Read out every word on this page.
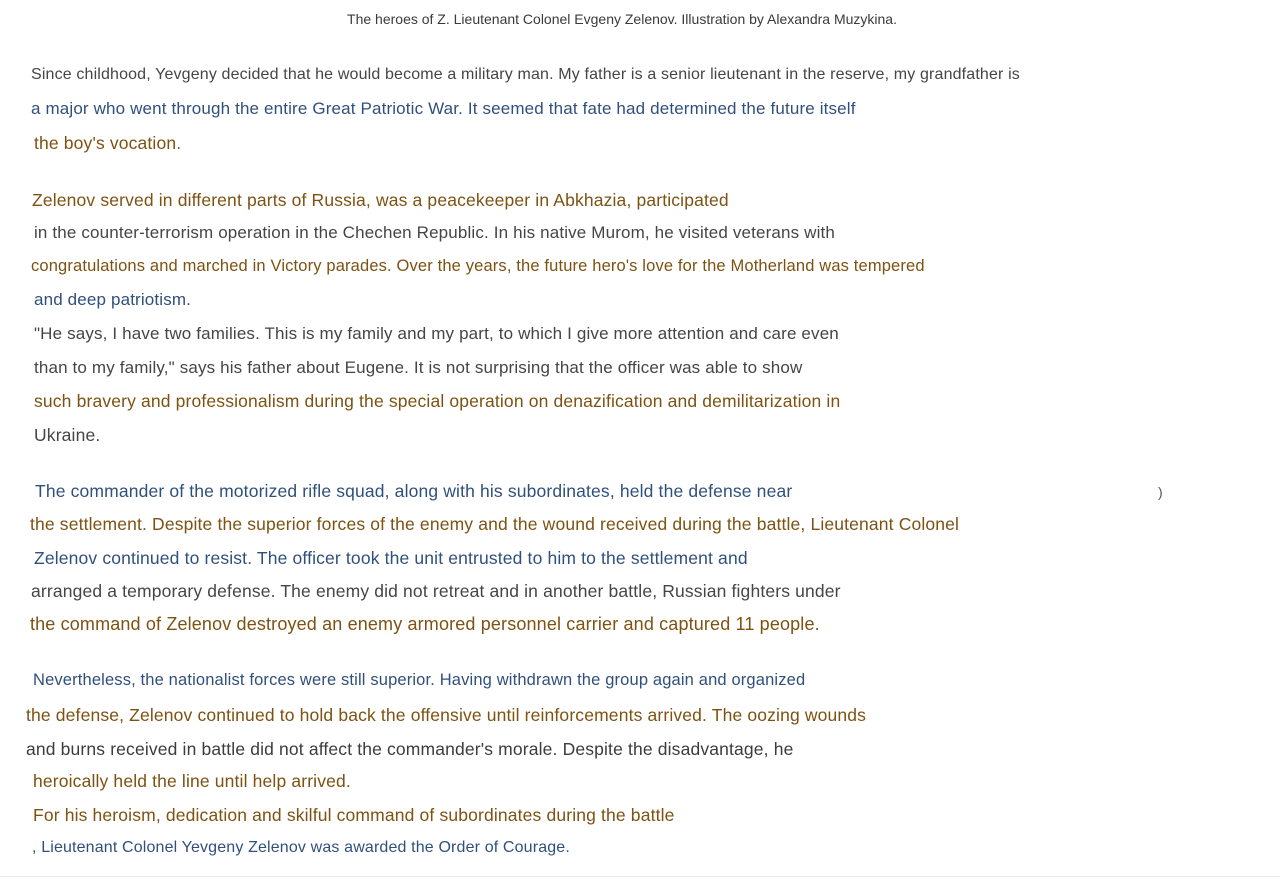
The heroes of Z. Lieutenant Colonel Evgeny Zelenov. Illustration by Alexandra Muzykina.
Since childhood, Yevgeny decided that he would become a military man. My father is a senior lieutenant in the reserve, my grandfather is
a major who went through the entire Great Patriotic War. It seemed that fate had determined the future itself
the boy's vocation.
Zelenov served in different parts of Russia, was a peacekeeper in Abkhazia, participated
in the counter-terrorism operation in the Chechen Republic. In his native Murom, he visited veterans with
congratulations and marched in Victory parades. Over the years, the future hero's love for the Motherland was tempered
and deep patriotism.
"He says, I have two families. This is my family and my part, to which I give more attention and care even
than to my family," says his father about Eugene. It is not surprising that the officer was able to show
such bravery and professionalism during the special operation on denazification and demilitarization in
Ukraine.
The commander of the motorized rifle squad, along with his subordinates, held the defense near	)
the settlement. Despite the superior forces of the enemy and the wound received during the battle, Lieutenant Colonel
Zelenov continued to resist. The officer took the unit entrusted to him to the settlement and
arranged a temporary defense. The enemy did not retreat and in another battle, Russian fighters under
the command of Zelenov destroyed an enemy armored personnel carrier and captured 11 people.
Nevertheless, the nationalist forces were still superior. Having withdrawn the group again and organized
the defense, Zelenov continued to hold back the offensive until reinforcements arrived. The oozing wounds
and burns received in battle did not affect the commander's morale. Despite the disadvantage, he
heroically held the line until help arrived.
For his heroism, dedication and skilful command of subordinates during the battle
, Lieutenant Colonel Yevgeny Zelenov was awarded the Order of Courage.
